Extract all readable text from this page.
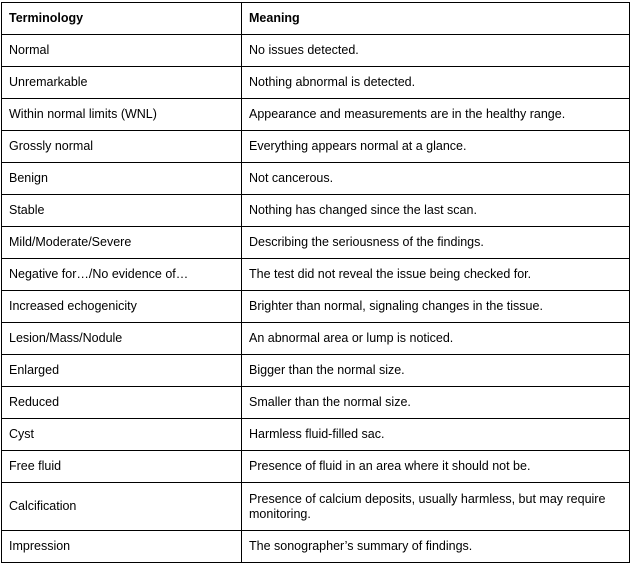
Terminology	Meaning
Normal	No issues detected.
Unremarkable	Nothing abnormal is detected.
Within normal limits (WNL)	Appearance and measurements are in the healthy range.
Grossly normal	Everything appears normal at a glance.
Benign	Not cancerous.
Stable	Nothing has changed since the last scan.
Mild/Moderate/Severe	Describing the seriousness of the findings.
Negative for…/No evidence of…	The test did not reveal the issue being checked for.
Increased echogenicity	Brighter than normal, signaling changes in the tissue.
Lesion/Mass/Nodule	An abnormal area or lump is noticed.
Enlarged	Bigger than the normal size.
Reduced	Smaller than the normal size.
Cyst	Harmless fluid-filled sac.
Free fluid	Presence of fluid in an area where it should not be.
Calcification	Presence of calcium deposits, usually harmless, but may require monitoring.
Impression	The sonographer’s summary of findings.
